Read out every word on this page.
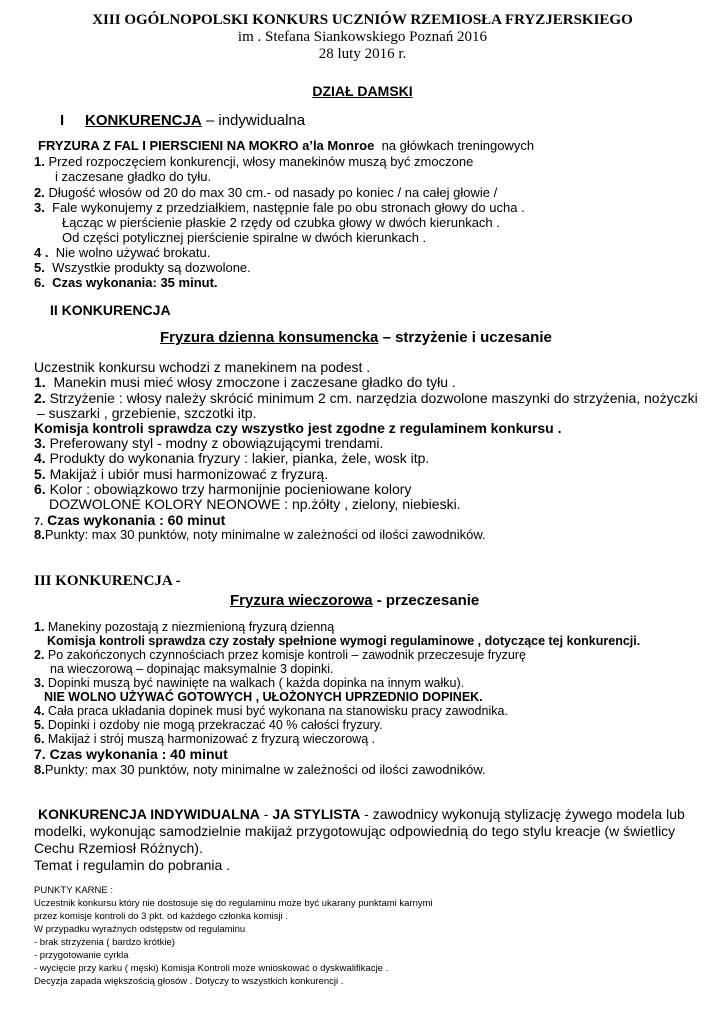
XIII OGÓLNOPOLSKI KONKURS UCZNIÓW RZEMIOSŁA FRYZJERSKIEGO
im . Stefana Siankowskiego Poznań 2016
28 luty 2016 r.
DZIAŁ DAMSKI
I KONKURENCJA – indywidualna
FRYZURA Z FAL I PIERSCIENI NA MOKRO a’la Monroe na główkach treningowych
1. Przed rozpoczęciem konkurencji, włosy manekinów muszą być zmoczone
i zaczesane gładko do tyłu.
2. Długość włosów od 20 do max 30 cm.- od nasady po koniec / na całej głowie /
3. Fale wykonujemy z przedziałkiem, następnie fale po obu stronach głowy do ucha .
Łącząc w pierścienie płaskie 2 rzędy od czubka głowy w dwóch kierunkach .
Od części potylicznej pierścienie spiralne w dwóch kierunkach .
4 . Nie wolno używać brokatu.
5. Wszystkie produkty są dozwolone.
6. Czas wykonania: 35 minut.
II KONKURENCJA
Fryzura dzienna konsumencka – strzyżenie i uczesanie
Uczestnik konkursu wchodzi z manekinem na podest .
1. Manekin musi mieć włosy zmoczone i zaczesane gładko do tyłu .
2. Strzyżenie : włosy należy skrócić minimum 2 cm. narzędzia dozwolone maszynki do strzyżenia, nożyczki
– suszarki , grzebienie, szczotki itp.
Komisja kontroli sprawdza czy wszystko jest zgodne z regulaminem konkursu .
3. Preferowany styl - modny z obowiązującymi trendami.
4. Produkty do wykonania fryzury : lakier, pianka, żele, wosk itp.
5. Makijaż i ubiór musi harmonizować z fryzurą.
6. Kolor : obowiązkowo trzy harmonijnie pocieniowane kolory
DOZWOLONE KOLORY NEONOWE : np.żółty , zielony, niebieski.
7. Czas wykonania : 60 minut
8.Punkty: max 30 punktów, noty minimalne w zależności od ilości zawodników.
III KONKURENCJA -
Fryzura wieczorowa - przeczesanie
1. Manekiny pozostają z niezmienioną fryzurą dzienną
Komisja kontroli sprawdza czy zostały spełnione wymogi regulaminowe , dotyczące tej konkurencji.
2. Po zakończonych czynnościach przez komisje kontroli – zawodnik przeczesuje fryzurę
na wieczorową – dopinając maksymalnie 3 dopinki.
3. Dopinki muszą być nawinięte na walkach ( każda dopinka na innym wałku).
NIE WOLNO UŻYWAĆ GOTOWYCH , UŁOŻONYCH UPRZEDNIO DOPINEK.
4. Cała praca układania dopinek musi być wykonana na stanowisku pracy zawodnika.
5. Dopinki i ozdoby nie mogą przekraczać 40 % całości fryzury.
6. Makijaż i strój muszą harmonizować z fryzurą wieczorową .
7. Czas wykonania : 40 minut
8.Punkty: max 30 punktów, noty minimalne w zależności od ilości zawodników.
KONKURENCJA INDYWIDUALNA - JA STYLISTA - zawodnicy wykonują stylizację żywego modela lub
modelki, wykonując samodzielnie makijaż przygotowując odpowiednią do tego stylu kreacje (w świetlicy
Cechu Rzemiosł Różnych).
Temat i regulamin do pobrania .
PUNKTY KARNE :
Uczestnik konkursu który nie dostosuje się do regulaminu może być ukarany punktami karnymi
przez komisje kontroli do 3 pkt. od każdego członka komisji .
W przypadku wyraźnych odstępstw od regulaminu
- brak strzyżenia ( bardzo krótkie)
- przygotowanie cyrkla
- wycięcie przy karku ( męski) Komisja Kontroli może wnioskować o dyskwalifikacje .
Decyzja zapada większością głosów . Dotyczy to wszystkich konkurencji .
